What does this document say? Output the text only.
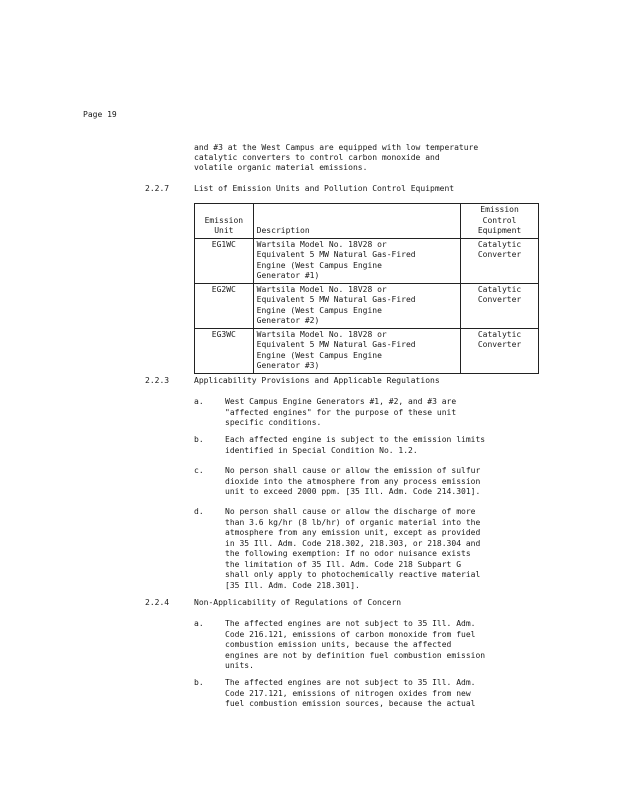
Page 19
and #3 at the West Campus are equipped with low temperature
catalytic converters to control carbon monoxide and
volatile organic material emissions.
2.2.7	List of Emission Units and Pollution Control Equipment
Emission
Unit	Description	Emission
Control
Equipment

EG1WC	Wartsila Model No. 18V28 or
Equivalent 5 MW Natural Gas-Fired
Engine (West Campus Engine
Generator #1)	Catalytic
Converter

EG2WC	Wartsila Model No. 18V28 or
Equivalent 5 MW Natural Gas-Fired
Engine (West Campus Engine
Generator #2)	Catalytic
Converter

EG3WC	Wartsila Model No. 18V28 or
Equivalent 5 MW Natural Gas-Fired
Engine (West Campus Engine
Generator #3)	Catalytic
Converter
2.2.3	Applicability Provisions and Applicable Regulations
a.	West Campus Engine Generators #1, #2, and #3 are
"affected engines" for the purpose of these unit
specific conditions.
b.	Each affected engine is subject to the emission limits
identified in Special Condition No. 1.2.
c.	No person shall cause or allow the emission of sulfur
dioxide into the atmosphere from any process emission
unit to exceed 2000 ppm. [35 Ill. Adm. Code 214.301].
d.	No person shall cause or allow the discharge of more
than 3.6 kg/hr (8 lb/hr) of organic material into the
atmosphere from any emission unit, except as provided
in 35 Ill. Adm. Code 218.302, 218.303, or 218.304 and
the following exemption: If no odor nuisance exists
the limitation of 35 Ill. Adm. Code 218 Subpart G
shall only apply to photochemically reactive material
[35 Ill. Adm. Code 218.301].
2.2.4	Non-Applicability of Regulations of Concern
a.	The affected engines are not subject to 35 Ill. Adm.
Code 216.121, emissions of carbon monoxide from fuel
combustion emission units, because the affected
engines are not by definition fuel combustion emission
units.
b.	The affected engines are not subject to 35 Ill. Adm.
Code 217.121, emissions of nitrogen oxides from new
fuel combustion emission sources, because the actual
